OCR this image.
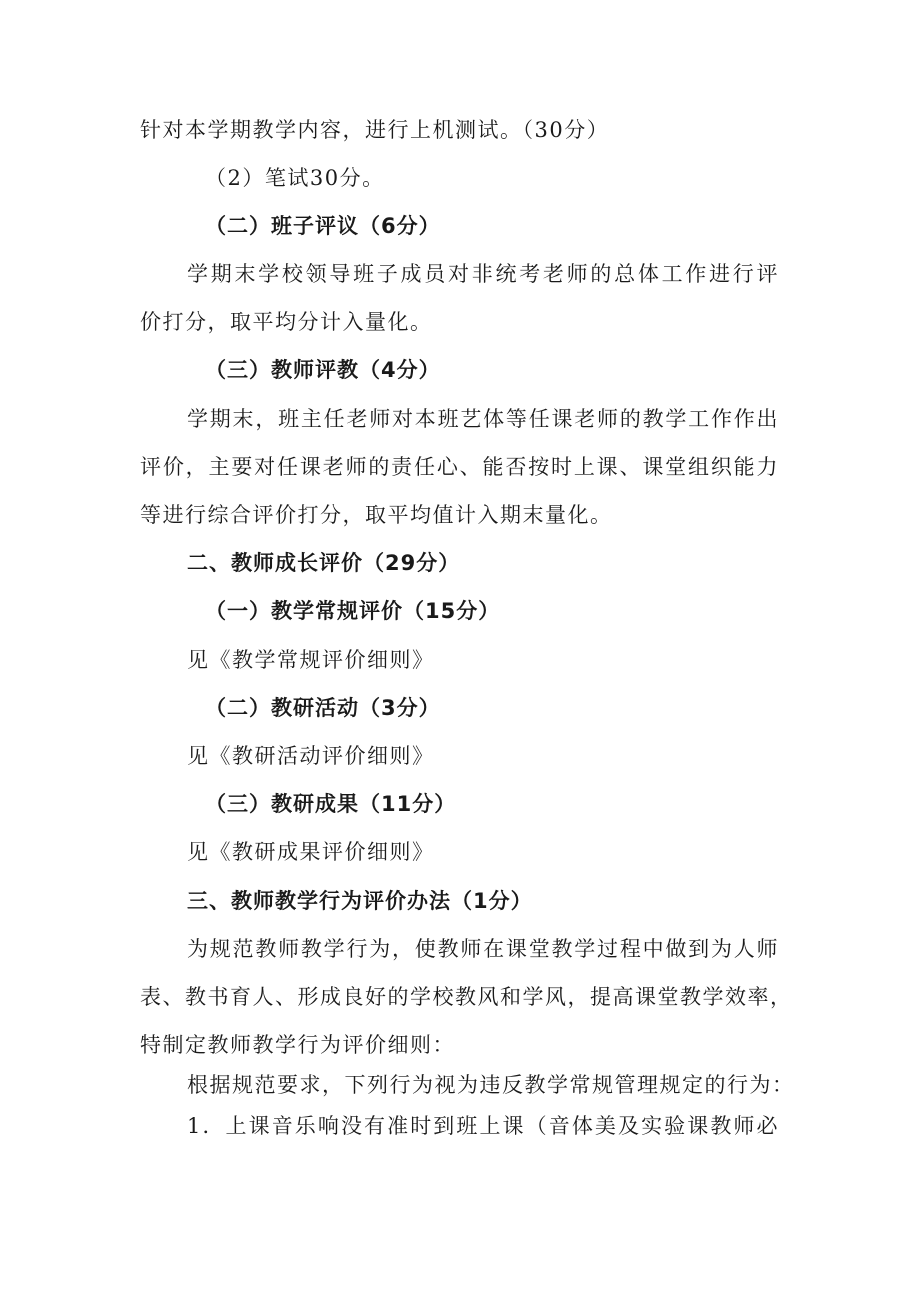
针对本学期教学内容，进行上机测试。（30分）
（2）笔试30分。
（二）班子评议（6分）
学期末学校领导班子成员对非统考老师的总体工作进行评
价打分，取平均分计入量化。
（三）教师评教（4分）
学期末，班主任老师对本班艺体等任课老师的教学工作作出
评价，主要对任课老师的责任心、能否按时上课、课堂组织能力
等进行综合评价打分，取平均值计入期末量化。
二、教师成长评价（29分）
（一）教学常规评价（15分）
见《教学常规评价细则》
（二）教研活动（3分）
见《教研活动评价细则》
（三）教研成果（11分）
见《教研成果评价细则》
三、教师教学行为评价办法（1分）
为规范教师教学行为，使教师在课堂教学过程中做到为人师
表、教书育人、形成良好的学校教风和学风，提高课堂教学效率，
特制定教师教学行为评价细则：
根据规范要求，下列行为视为违反教学常规管理规定的行为：
1．上课音乐响没有准时到班上课（音体美及实验课教师必
